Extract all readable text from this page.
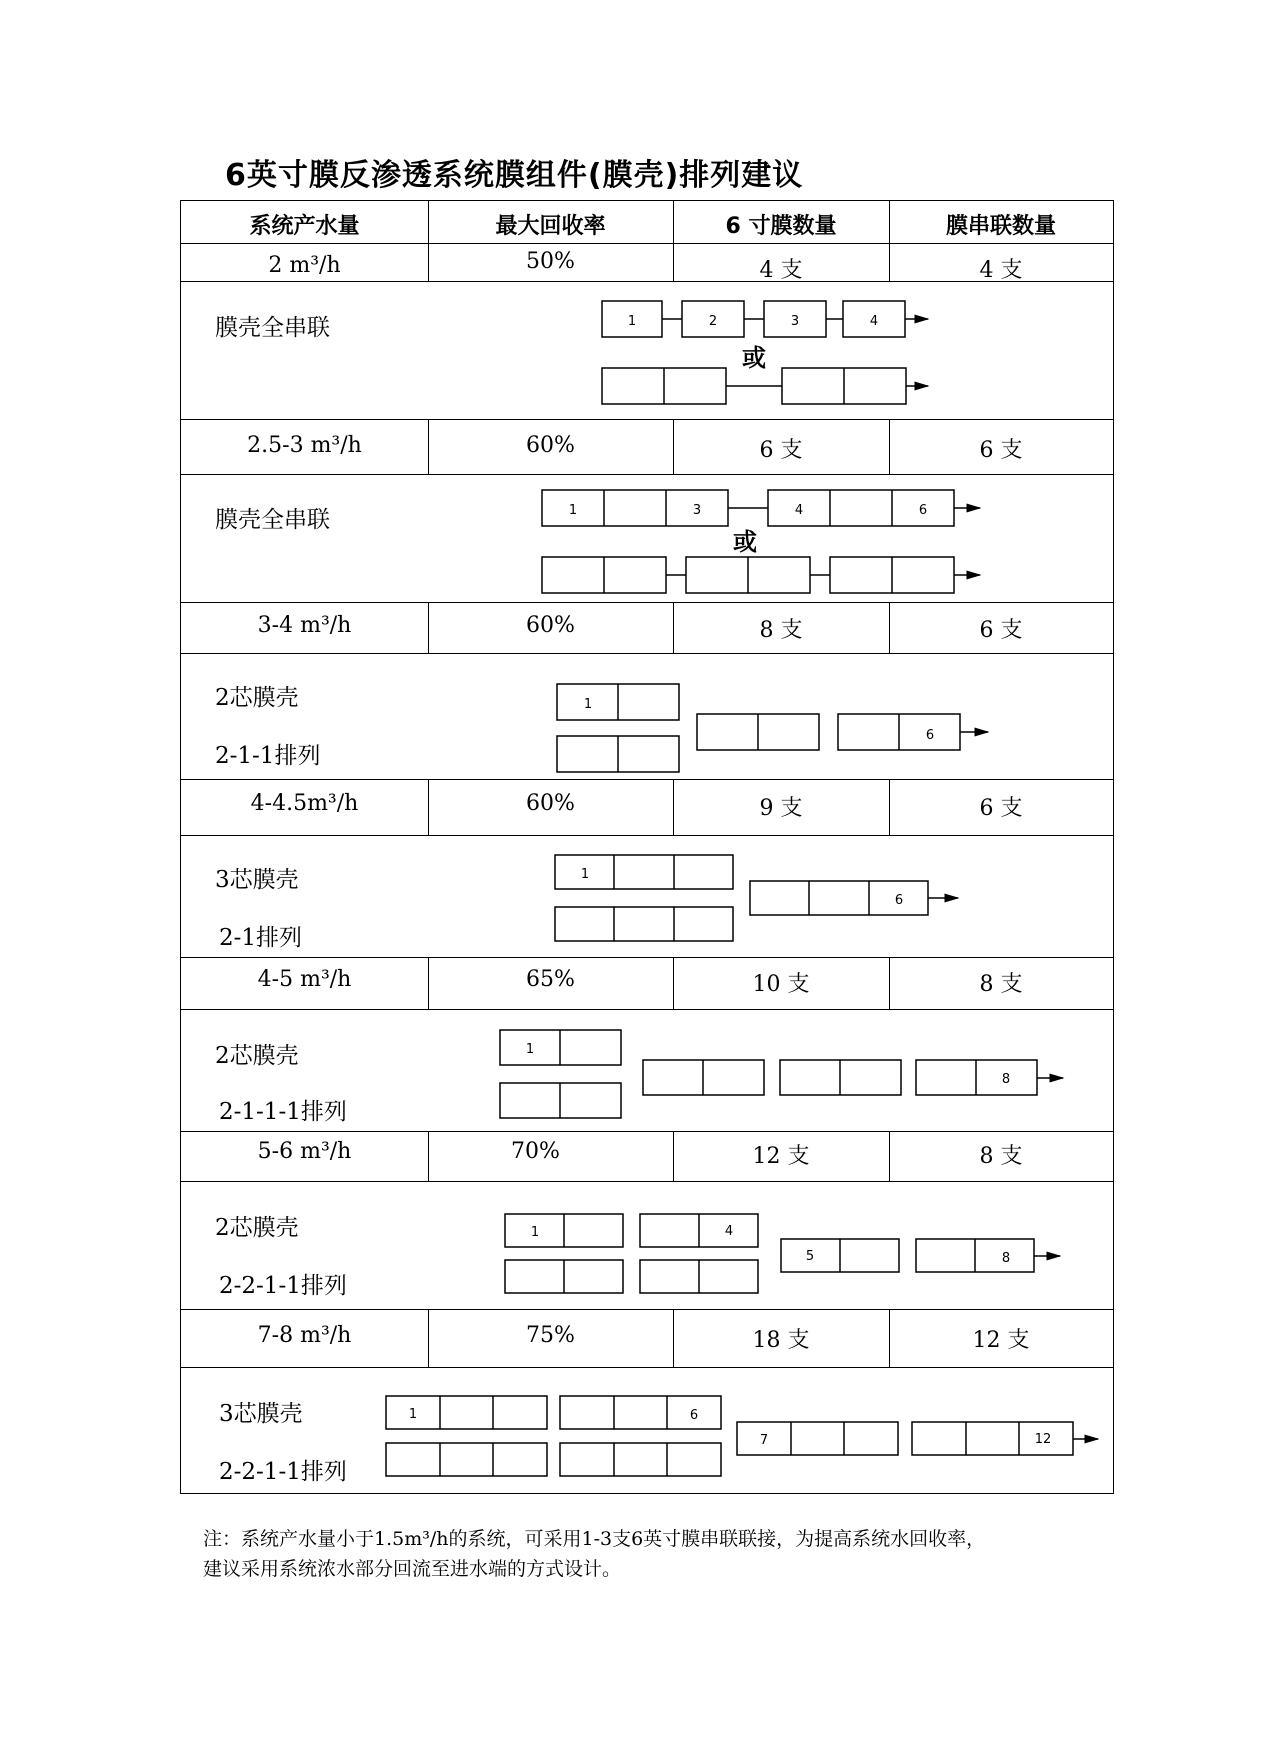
6英寸膜反渗透系统膜组件(膜壳)排列建议
系统产水量	最大回收率	6 寸膜数量	膜串联数量
2 m³/h	50%	4 支	4 支
膜壳全串联
2.5-3 m³/h	60%	6 支	6 支
膜壳全串联
3-4 m³/h	60%	8 支	6 支
2芯膜壳
2-1-1排列
4-4.5m³/h	60%	9 支	6 支
3芯膜壳
2-1排列
4-5 m³/h	65%	10 支	8 支
2芯膜壳
2-1-1-1排列
5-6 m³/h	70%	12 支	8 支
2芯膜壳
2-2-1-1排列
7-8 m³/h	75%	18 支	12 支
3芯膜壳
2-2-1-1排列
1	2	3	4
1	3	4	6
1
6
1
6
1
8
1	4
5	8
1	6
7	12
或
或
注：系统产水量小于1.5m³/h的系统，可采用1-3支6英寸膜串联联接，为提高系统水回收率，
建议采用系统浓水部分回流至进水端的方式设计。
